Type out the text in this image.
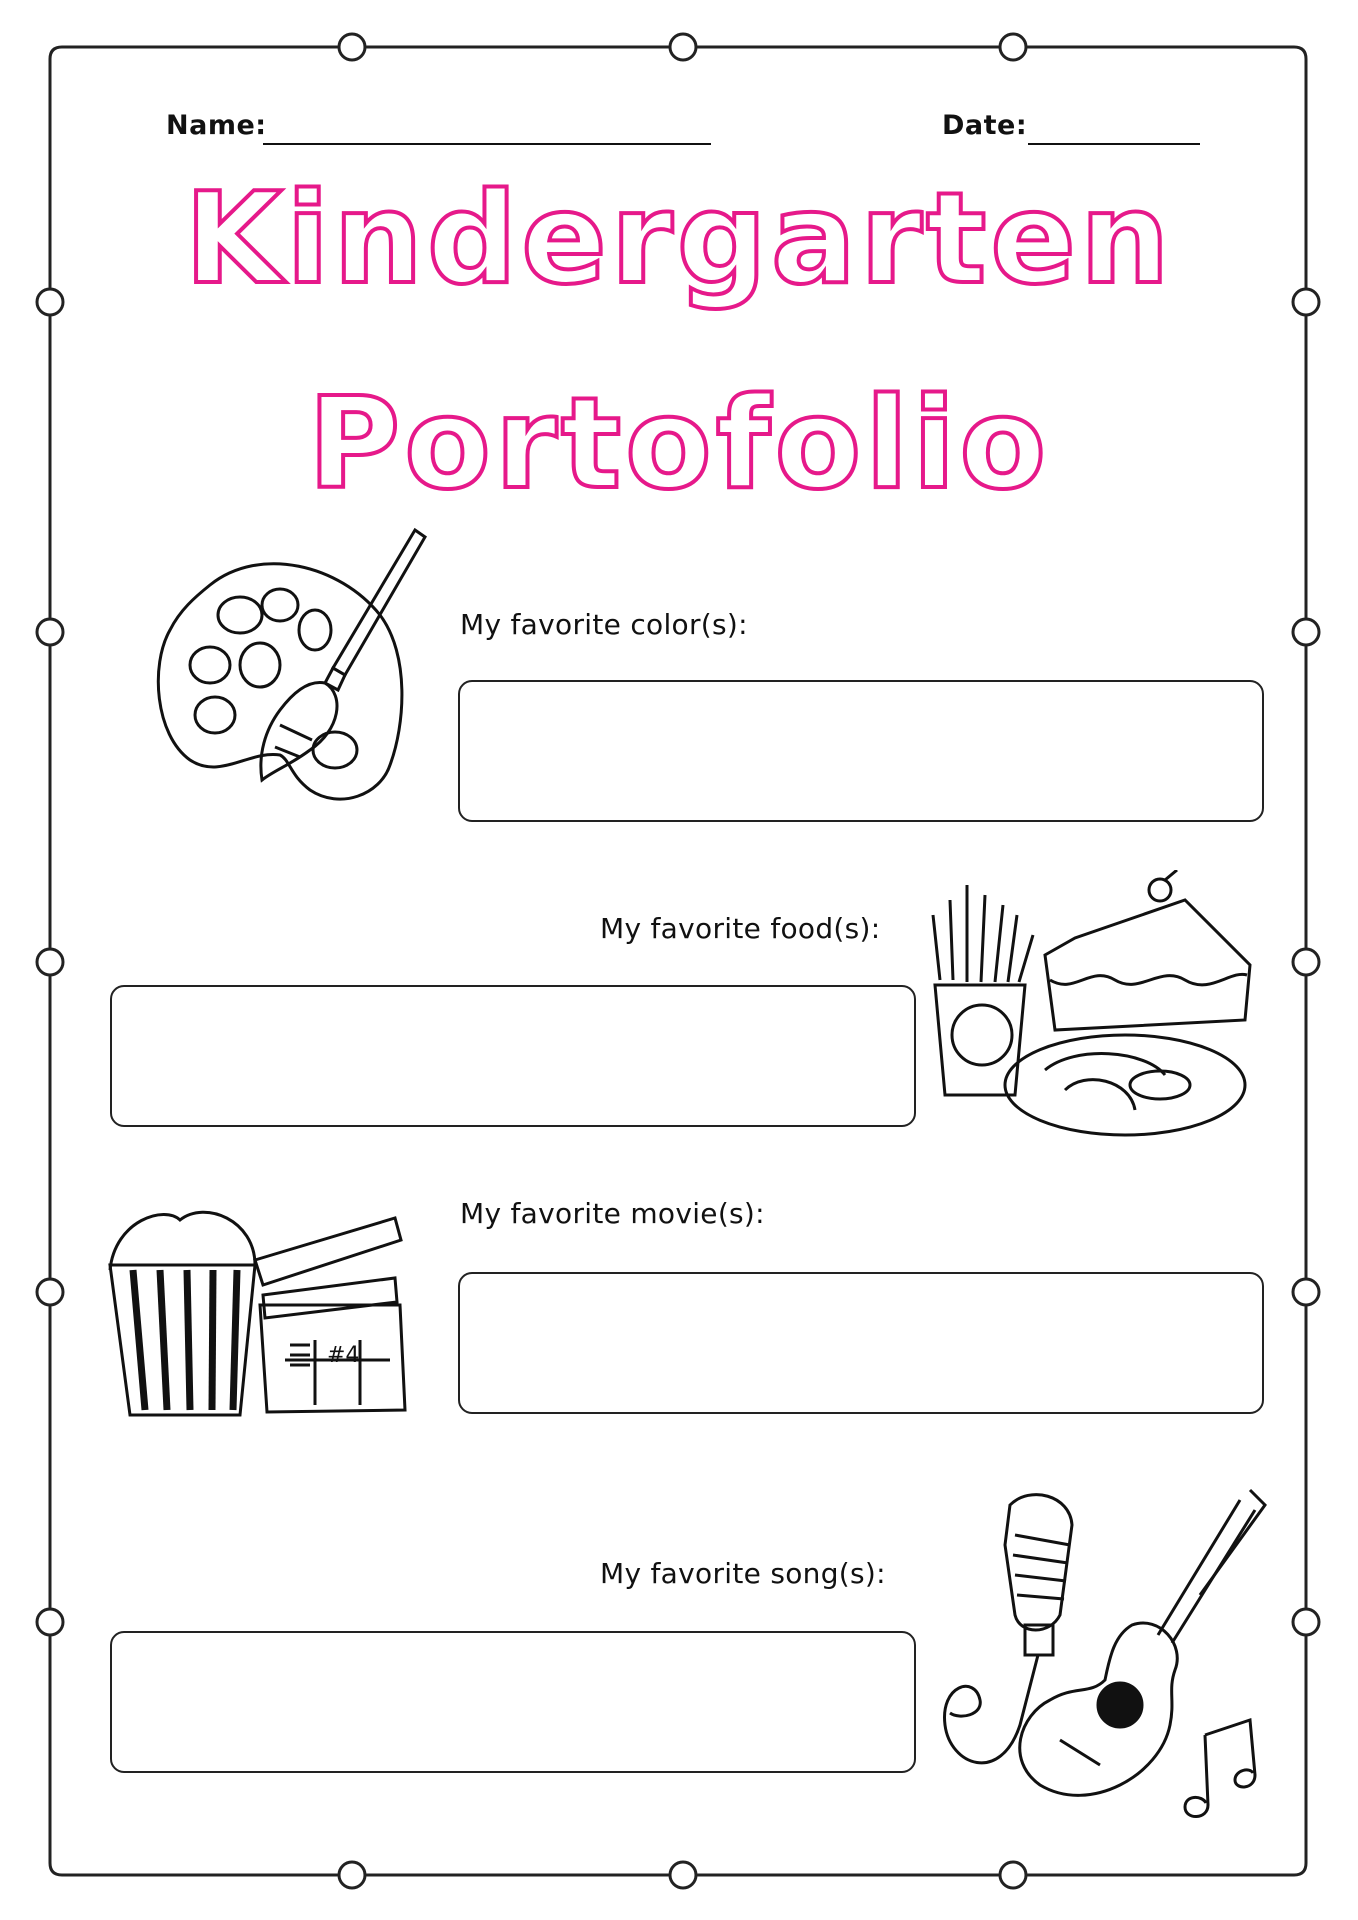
Name:	Date:
Kindergarten
Portofolio
My favorite color(s):
My favorite food(s):
#4
My favorite movie(s):
My favorite song(s):
